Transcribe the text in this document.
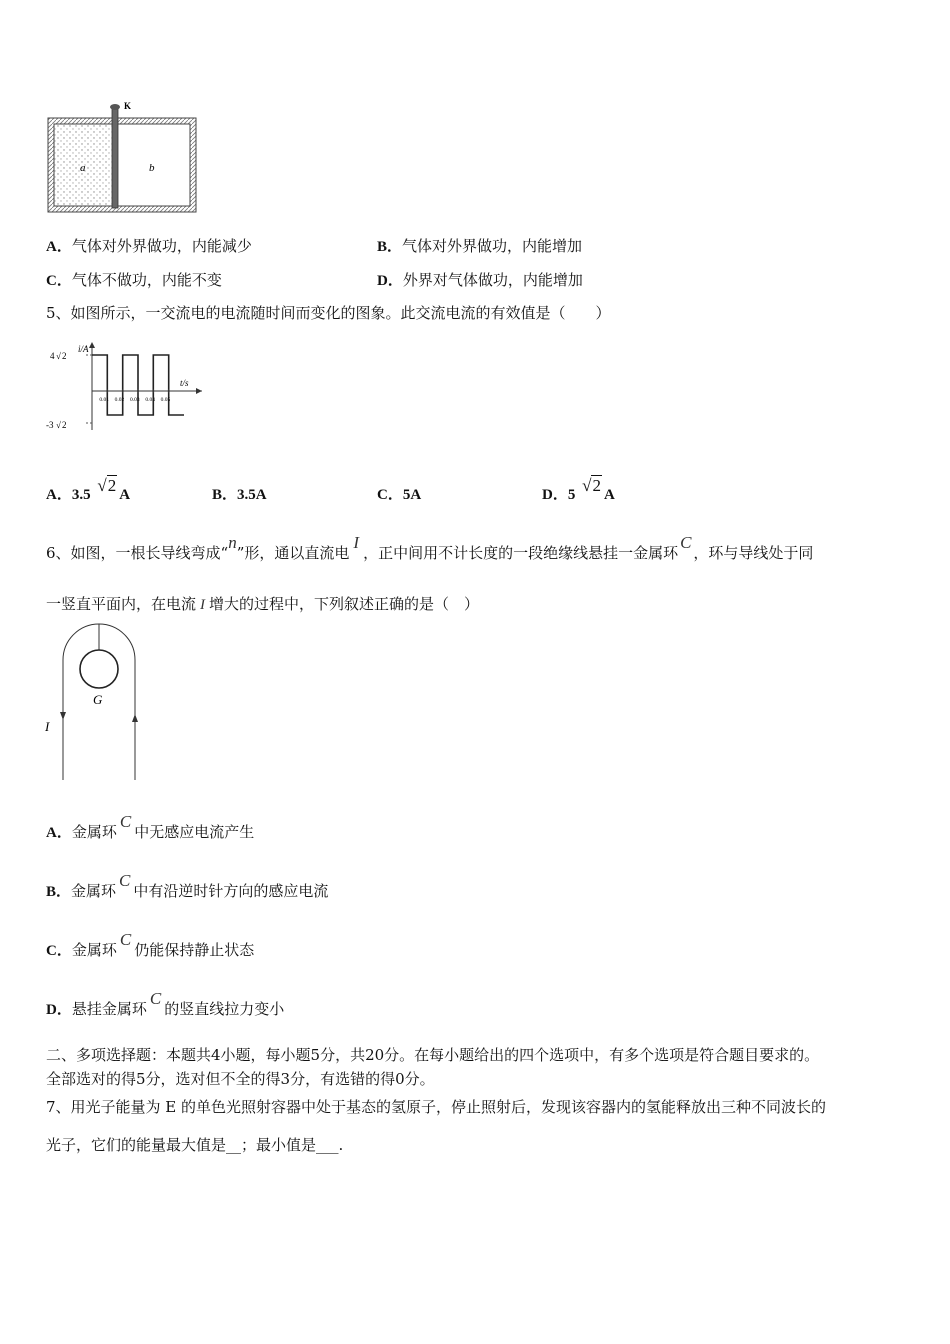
K
a	b
A．气体对外界做功，内能减少	B．气体对外界做功，内能增加
C．气体不做功，内能不变	D．外界对气体做功，内能增加
5、如图所示，一交流电的电流随时间而变化的图象。此交流电流的有效值是（　　）
4 √ 2
-3 √ 2
i/A
t/s
0.01 0.02 0.03 0.04 0.05
A．3.5 √2 A	B．3.5A	C．5A	D．5 √2 A
6、如图，一根长导线弯成“n”形，通以直流电I，正中间用不计长度的一段绝缘线悬挂一金属环C，环与导线处于同
一竖直平面内，在电流 I 增大的过程中，下列叙述正确的是（　）
G
I
A．金属环C中无感应电流产生
B．金属环C中有沿逆时针方向的感应电流
C．金属环C仍能保持静止状态
D．悬挂金属环C的竖直线拉力变小
二、多项选择题：本题共4小题，每小题5分，共20分。在每小题给出的四个选项中，有多个选项是符合题目要求的。
全部选对的得5分，选对但不全的得3分，有选错的得0分。
7、用光子能量为 E 的单色光照射容器中处于基态的氢原子，停止照射后，发现该容器内的氢能释放出三种不同波长的
光子，它们的能量最大值是__；最小值是___.
